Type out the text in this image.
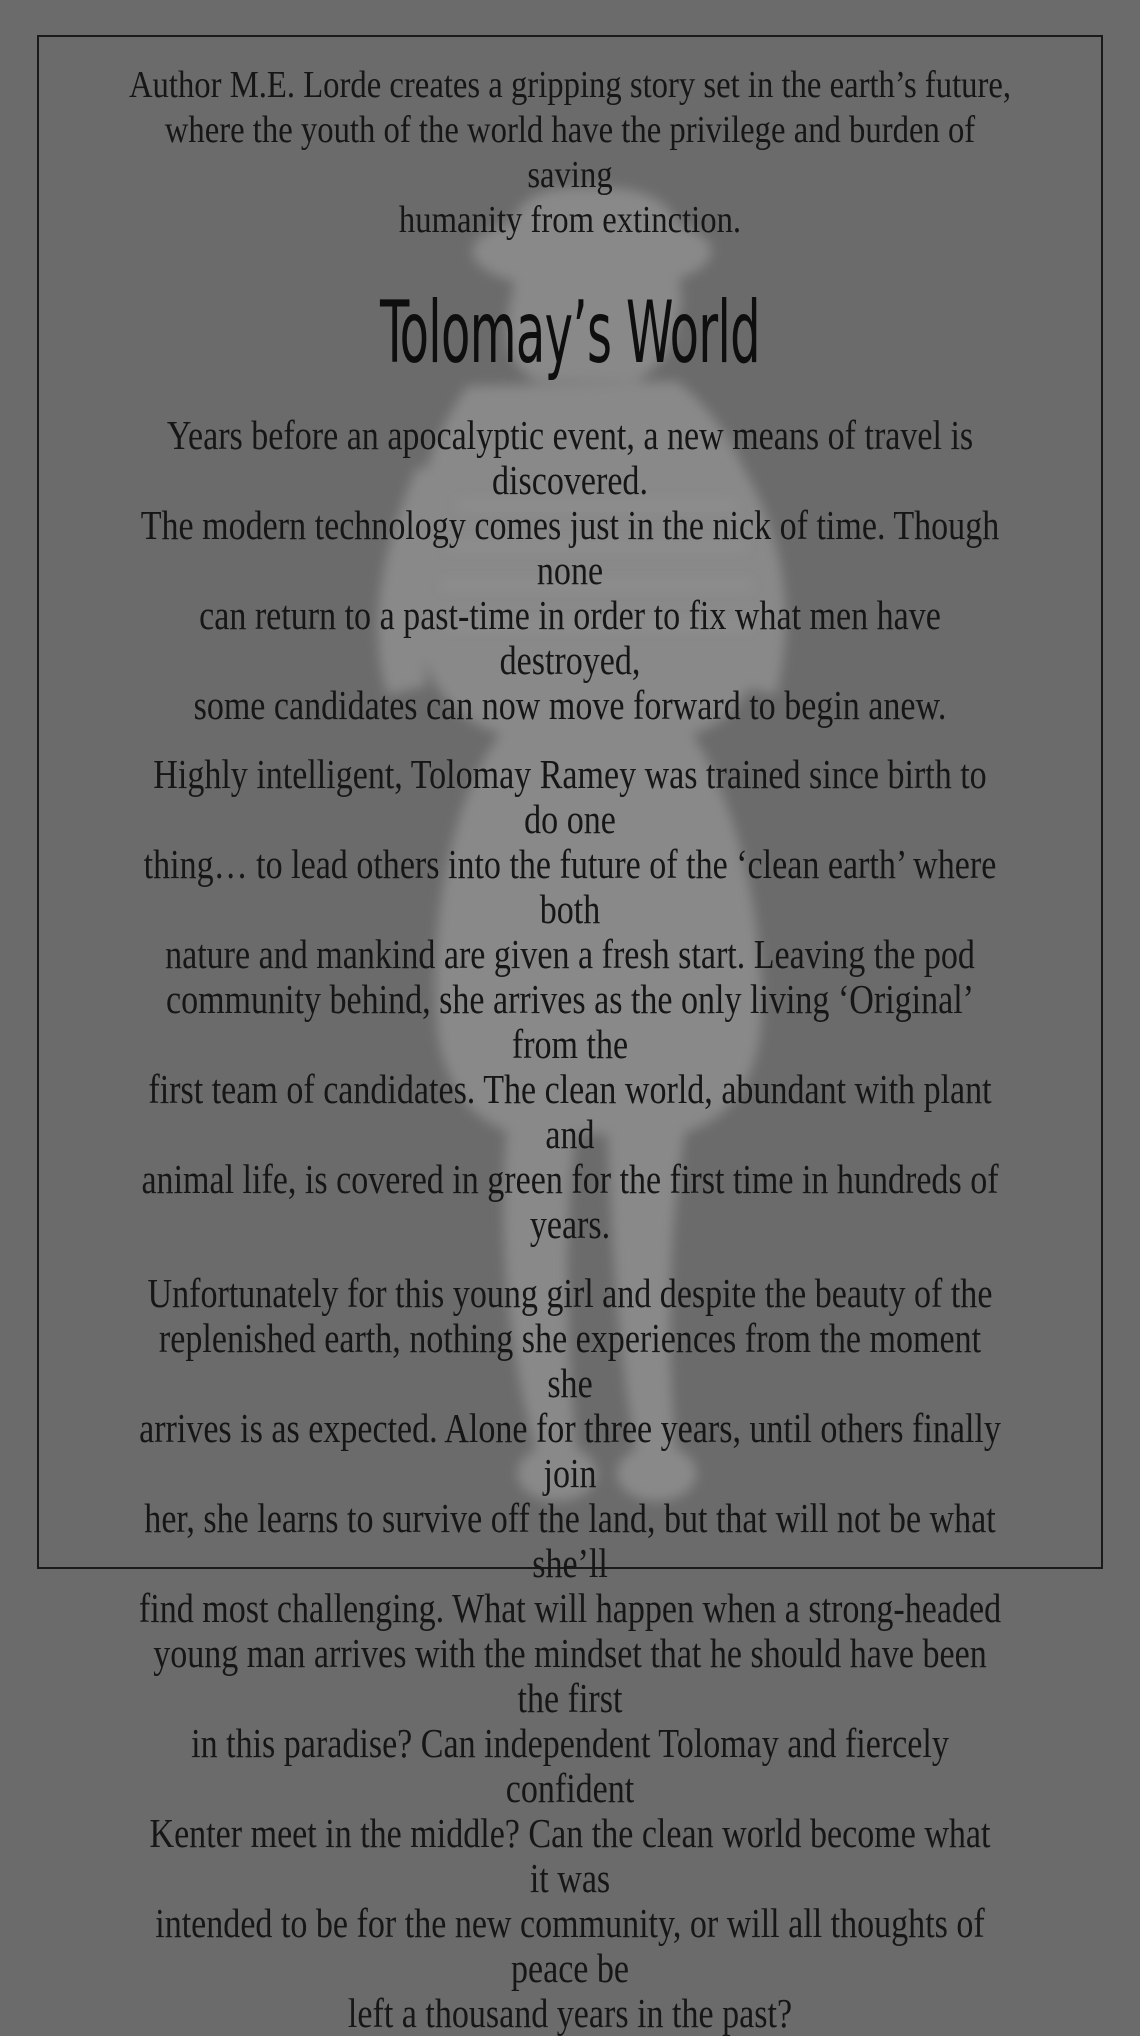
Author M.E. Lorde creates a gripping story set in the earth’s future,
where the youth of the world have the privilege and burden of saving
humanity from extinction.
Tolomay’s World
Years before an apocalyptic event, a new means of travel is discovered.
The modern technology comes just in the nick of time. Though none
can return to a past-time in order to fix what men have destroyed,
some candidates can now move forward to begin anew.
Highly intelligent, Tolomay Ramey was trained since birth to do one
thing… to lead others into the future of the ‘clean earth’ where both
nature and mankind are given a fresh start. Leaving the pod
community behind, she arrives as the only living ‘Original’ from the
first team of candidates. The clean world, abundant with plant and
animal life, is covered in green for the first time in hundreds of years.
Unfortunately for this young girl and despite the beauty of the
replenished earth, nothing she experiences from the moment she
arrives is as expected. Alone for three years, until others finally join
her, she learns to survive off the land, but that will not be what she’ll
find most challenging. What will happen when a strong-headed
young man arrives with the mindset that he should have been the first
in this paradise? Can independent Tolomay and fiercely confident
Kenter meet in the middle? Can the clean world become what it was
intended to be for the new community, or will all thoughts of peace be
left a thousand years in the past?
